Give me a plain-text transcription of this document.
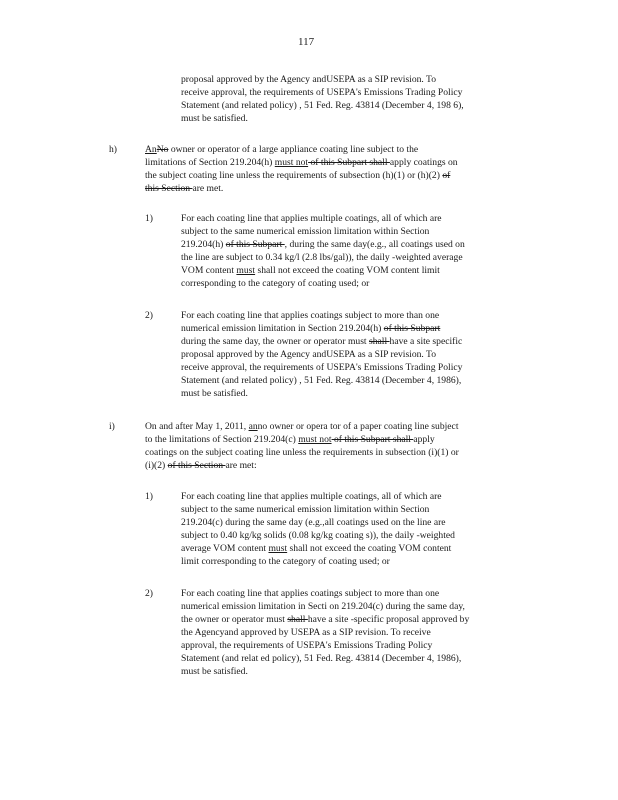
117
proposal approved by the Agency andUSEPA as a SIP revision. To
receive approval, the requirements of USEPA's Emissions Trading Policy
Statement (and related policy) , 51 Fed. Reg. 43814 (December 4, 198 6),
must be satisfied.
h)	AnNo owner or operator of a large appliance coating line subject to the
limitations of Section 219.204(h) must not of this Subpart shall apply coatings on
the subject coating line unless the requirements of subsection (h)(1) or (h)(2) of
this Section are met.
1)	For each coating line that applies multiple coatings, all of which are
subject to the same numerical emission limitation within Section
219.204(h) of this Subpart , during the same day(e.g., all coatings used on
the line are subject to 0.34 kg/l (2.8 lbs/gal)), the daily -weighted average
VOM content must shall not exceed the coating VOM content limit
corresponding to the category of coating used; or
2)	For each coating line that applies coatings subject to more than one
numerical emission limitation in Section 219.204(h) of this Subpart
during the same day, the owner or operator must shall have a site specific
proposal approved by the Agency andUSEPA as a SIP revision. To
receive approval, the requirements of USEPA's Emissions Trading Policy
Statement (and related policy) , 51 Fed. Reg. 43814 (December 4, 1986),
must be satisfied.
i)	On and after May 1, 2011, anno owner or opera tor of a paper coating line subject
to the limitations of Section 219.204(c) must not of this Subpart shall apply
coatings on the subject coating line unless the requirements in subsection (i)(1) or
(i)(2) of this Section are met:
1)	For each coating line that applies multiple coatings, all of which are
subject to the same numerical emission limitation within Section
219.204(c) during the same day (e.g.,all coatings used on the line are
subject to 0.40 kg/kg solids (0.08 kg/kg coating s)), the daily -weighted
average VOM content must shall not exceed the coating VOM content
limit corresponding to the category of coating used; or
2)	For each coating line that applies coatings subject to more than one
numerical emission limitation in Secti on 219.204(c) during the same day,
the owner or operator must shall have a site -specific proposal approved by
the Agencyand approved by USEPA as a SIP revision. To receive
approval, the requirements of USEPA's Emissions Trading Policy
Statement (and relat ed policy), 51 Fed. Reg. 43814 (December 4, 1986),
must be satisfied.
